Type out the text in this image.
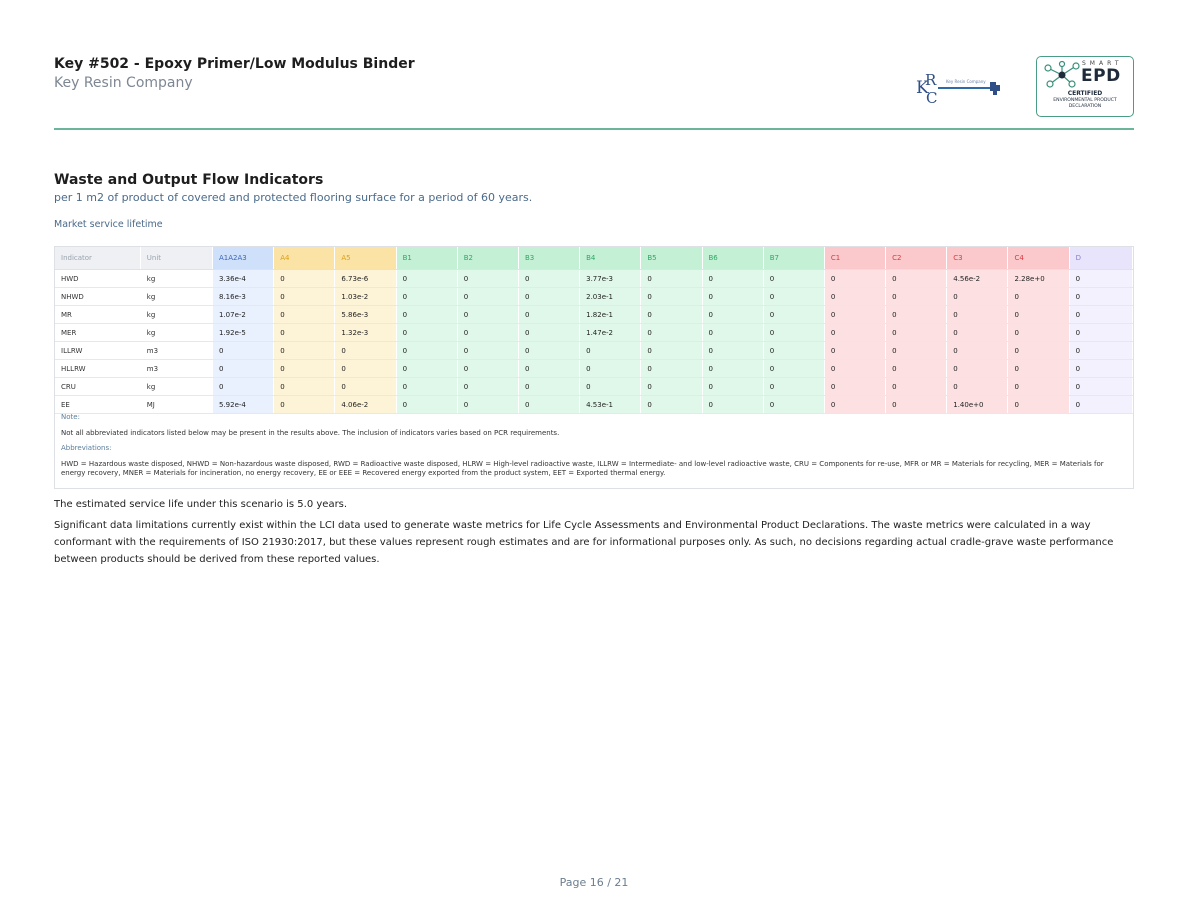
Key #502 - Epoxy Primer/Low Modulus Binder
Key Resin Company	K
R
C
Key Resin Company
SMART
EPD
CERTIFIED
ENVIRONMENTAL PRODUCT
DECLARATION
Waste and Output Flow Indicators
per 1 m2 of product of covered and protected flooring surface for a period of 60 years.
Market service lifetime
Indicator	Unit	A1A2A3	A4	A5	B1	B2	B3	B4	B5	B6	B7	C1	C2	C3	C4	D
HWD	kg	3.36e-4	0	6.73e-6	0	0	0	3.77e-3	0	0	0	0	0	4.56e-2	2.28e+0	0
NHWD	kg	8.16e-3	0	1.03e-2	0	0	0	2.03e-1	0	0	0	0	0	0	0	0
MR	kg	1.07e-2	0	5.86e-3	0	0	0	1.82e-1	0	0	0	0	0	0	0	0
MER	kg	1.92e-5	0	1.32e-3	0	0	0	1.47e-2	0	0	0	0	0	0	0	0
ILLRW	m3	0	0	0	0	0	0	0	0	0	0	0	0	0	0	0
HLLRW	m3	0	0	0	0	0	0	0	0	0	0	0	0	0	0	0
CRU	kg	0	0	0	0	0	0	0	0	0	0	0	0	0	0	0
EE	MJ	5.92e-4	0	4.06e-2	0	0	0	4.53e-1	0	0	0	0	0	1.40e+0	0	0
Note:
Not all abbreviated indicators listed below may be present in the results above. The inclusion of indicators varies based on PCR requirements.
Abbreviations:
HWD = Hazardous waste disposed, NHWD = Non-hazardous waste disposed, RWD = Radioactive waste disposed, HLRW = High-level radioactive waste, ILLRW = Intermediate- and low-level radioactive waste, CRU = Components for re-use, MFR or MR = Materials for recycling, MER = Materials for energy recovery, MNER = Materials for incineration, no energy recovery, EE or EEE = Recovered energy exported from the product system, EET = Exported thermal energy.
The estimated service life under this scenario is 5.0 years.
Significant data limitations currently exist within the LCI data used to generate waste metrics for Life Cycle Assessments and Environmental Product Declarations. The waste metrics were calculated in a way conformant with the requirements of ISO 21930:2017, but these values represent rough estimates and are for informational purposes only. As such, no decisions regarding actual cradle-grave waste performance between products should be derived from these reported values.
Page 16 / 21
